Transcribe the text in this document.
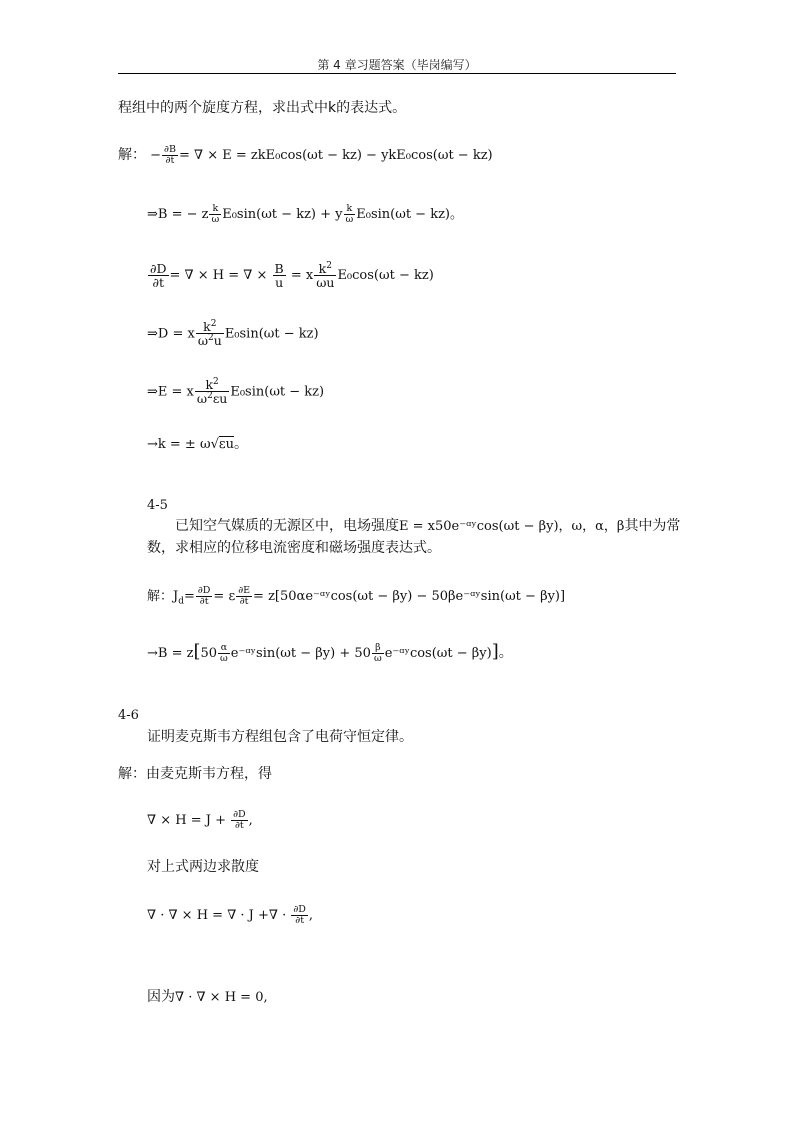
第 4 章习题答案（毕岗编写）
程组中的两个旋度方程，求出式中k的表达式。
解： − $\frac{\partial B}{\partial t}$ = ∇ × E = zkE₀cos(ωt − kz) − ykE₀cos(ωt − kz)
⇒B = − z $\frac{k}{\omega} E_0\sin(\omega t - kz) + y \frac{k}{\omega} E_0\sin(\omega t - kz)$。
$\frac{\partial D}{\partial t}$ = ∇ × H = ∇ × $\frac{B}{u} = x \frac{k^2}{\omega u} E_0\cos(\omega t - kz)$
⇒D = x $\frac{k^2}{\omega^2u} E_0\sin(\omega t - kz)$
⇒E = x $\frac{k^2}{\omega^2\varepsilon u} E_0\sin(\omega t - kz)$
→k = ± ω√εu。
4-5
已知空气媒质的无源区中，电场强度E = x50e⁻ᵅʸcos(ωt − βy)，ω，α，β其中为常
数，求相应的位移电流密度和磁场强度表达式。
解：$J_d= \frac{\partial D}{\partial t} = \varepsilon \frac{\partial E}{\partial t}$ = z[50αe⁻ᵅʸcos(ωt − βy) − 50βe⁻ᵅʸsin(ωt − βy)]
$\to B = z[50 \frac{\alpha}{\omega}$ e⁻ᵅʸsin(ωt − $\beta y) + 50 \frac{\beta}{\omega}$ e⁻ᵅʸcos(ωt − βy)]。
4-6
证明麦克斯韦方程组包含了电荷守恒定律。
解：由麦克斯韦方程，得
∇ × $H = J + \frac{\partial D}{\partial t}$ ,
对上式两边求散度
∇ · ∇ × H = ∇ · J +∇ · $\frac{\partial D}{\partial t}$ ,
因为∇ · ∇ × H = 0,
